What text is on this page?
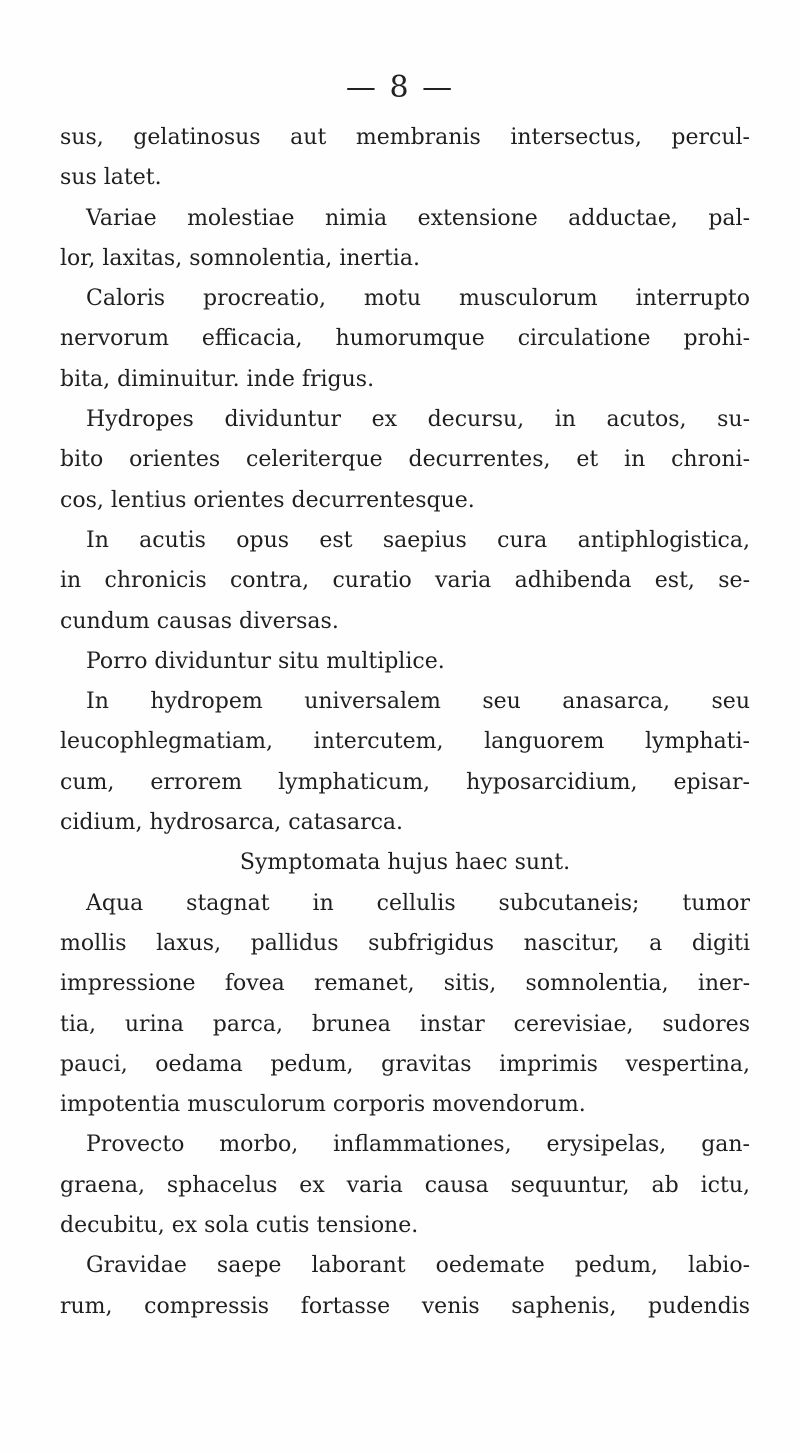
— 8 —
sus, gelatinosus aut membranis intersectus, percul-
sus latet.
Variae molestiae nimia extensione adductae, pal-
lor, laxitas, somnolentia, inertia.
Caloris procreatio, motu musculorum interrupto
nervorum efficacia, humorumque circulatione prohi-
bita, diminuitur. inde frigus.
Hydropes dividuntur ex decursu, in acutos, su-
bito orientes celeriterque decurrentes, et in chroni-
cos, lentius orientes decurrentesque.
In acutis opus est saepius cura antiphlogistica,
in chronicis contra, curatio varia adhibenda est, se-
cundum causas diversas.
Porro dividuntur situ multiplice.
In hydropem universalem seu anasarca, seu
leucophlegmatiam, intercutem, languorem lymphati-
cum, errorem lymphaticum, hyposarcidium, episar-
cidium, hydrosarca, catasarca.
Symptomata hujus haec sunt.
Aqua stagnat in cellulis subcutaneis; tumor
mollis laxus, pallidus subfrigidus nascitur, a digiti
impressione fovea remanet, sitis, somnolentia, iner-
tia, urina parca, brunea instar cerevisiae, sudores
pauci, oedama pedum, gravitas imprimis vespertina,
impotentia musculorum corporis movendorum.
Provecto morbo, inflammationes, erysipelas, gan-
graena, sphacelus ex varia causa sequuntur, ab ictu,
decubitu, ex sola cutis tensione.
Gravidae saepe laborant oedemate pedum, labio-
rum, compressis fortasse venis saphenis, pudendis
